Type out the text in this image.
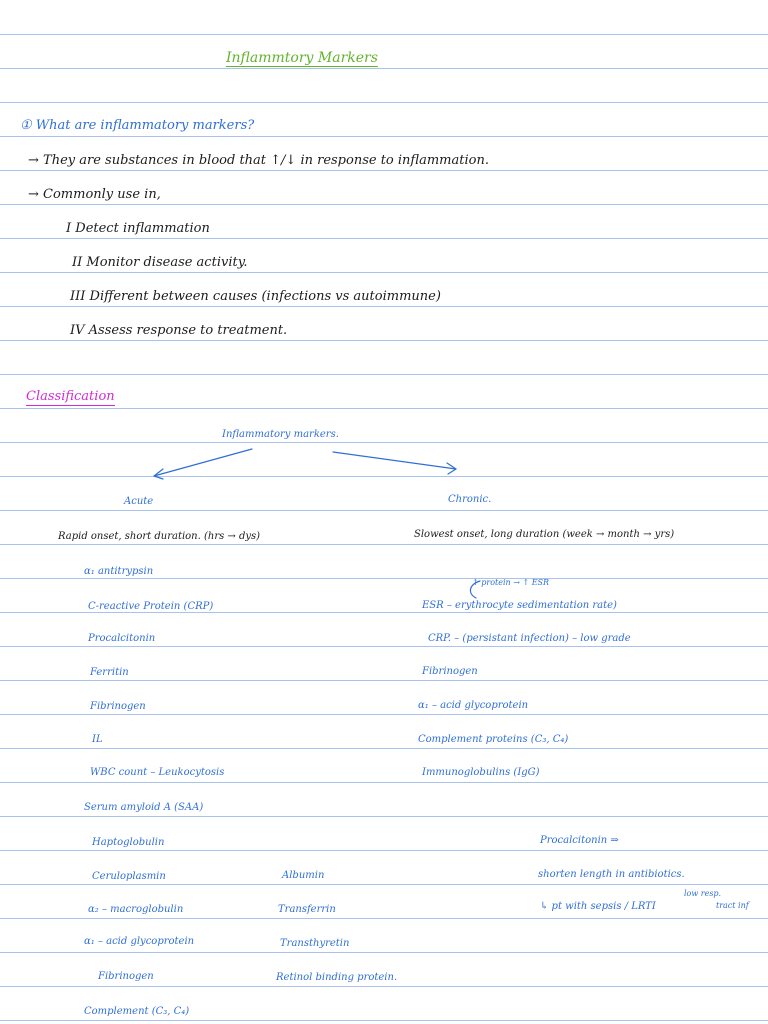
Inflammtory Markers
① What are inflammatory markers?
→ They are substances in blood that ↑/↓ in response to inflammation.
→ Commonly use in,
I Detect inflammation
II Monitor disease activity.
III Different between causes (infections vs autoimmune)
IV Assess response to treatment.
Classification
Inflammatory markers.
Acute	Chronic.
Rapid onset, short duration. (hrs → dys)	Slowest onset, long duration (week → month → yrs)
α₁ antitrypsin
C-reactive Protein (CRP)
Procalcitonin
Ferritin
Fibrinogen
IL
WBC count – Leukocytosis
Serum amyloid A (SAA)
Haptoglobulin
Ceruloplasmin
α₂ – macroglobulin
α₁ – acid glycoprotein
Fibrinogen
Complement (C₃, C₄)
Albumin
Transferrin
Transthyretin
Retinol binding protein.
↑ protein → ↑ ESR
ESR – erythrocyte sedimentation rate)
CRP. – (persistant infection) – low grade
Fibrinogen
α₁ – acid glycoprotein
Complement proteins (C₃, C₄)
Immunoglobulins (IgG)
Procalcitonin ⇒
shorten length in antibiotics.
↳ pt with sepsis / LRTI
low resp.
tract inf
